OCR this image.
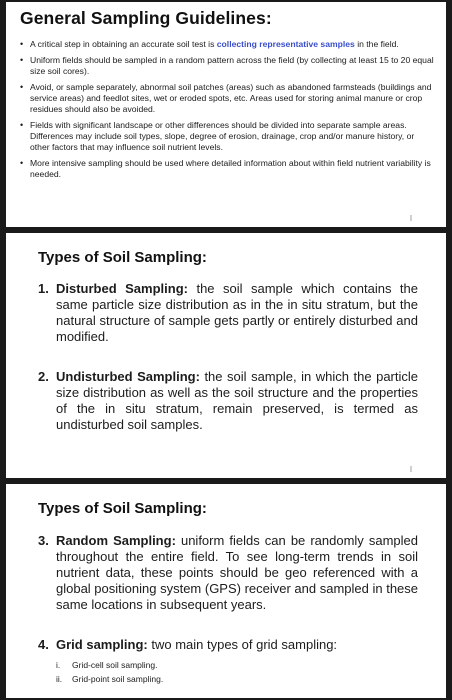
General Sampling Guidelines:
• A critical step in obtaining an accurate soil test is collecting representative samples in the field.
• Uniform fields should be sampled in a random pattern across the field (by collecting at least 15 to 20 equal size soil cores).
• Avoid, or sample separately, abnormal soil patches (areas) such as abandoned farmsteads (buildings and service areas) and feedlot sites, wet or eroded spots, etc. Areas used for storing animal manure or crop residues should also be avoided.
• Fields with significant landscape or other differences should be divided into separate sample areas. Differences may include soil types, slope, degree of erosion, drainage, crop and/or manure history, or other factors that may influence soil nutrient levels.
• More intensive sampling should be used where detailed information about within field nutrient variability is needed.
Types of Soil Sampling:
1. Disturbed Sampling: the soil sample which contains the same particle size distribution as in the in situ stratum, but the natural structure of sample gets partly or entirely disturbed and modified.
2. Undisturbed Sampling: the soil sample, in which the particle size distribution as well as the soil structure and the properties of the in situ stratum, remain preserved, is termed as undisturbed soil samples.
Types of Soil Sampling:
3. Random Sampling: uniform fields can be randomly sampled throughout the entire field. To see long-term trends in soil nutrient data, these points should be geo referenced with a global positioning system (GPS) receiver and sampled in these same locations in subsequent years.
4. Grid sampling: two main types of grid sampling:
i. Grid-cell soil sampling.
ii. Grid-point soil sampling.
